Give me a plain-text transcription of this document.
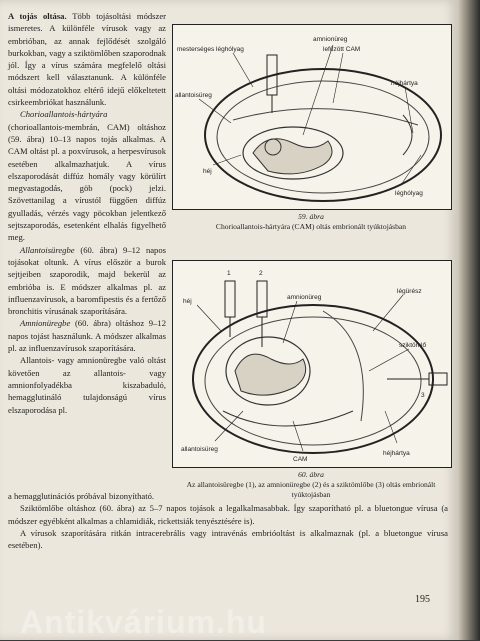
A tojás oltása. Több tojásoltási módszer ismeretes. A különféle vírusok vagy az embrióban, az annak fejlődését szolgáló burkokban, vagy a sziktömlőben szaporodnak jól. Így a vírus számára megfelelő oltási módszert kell választanunk. A különféle oltási módozatokhoz eltérő idejű előkeltetett csirkeembriókat használunk.

Chorioallantois-hártyára (chorioallantois-membrán, CAM) oltáshoz (59. ábra) 10–13 napos tojás alkalmas. A CAM oltást pl. a poxvírusok, a herpesvírusok esetében alkalmazhatjuk. A vírus elszaporodását diffúz homály vagy körülírt megvastagodás, göb (pock) jelzi. Szövettanilag a vírustól függően diffúz gyulladás, vérzés vagy pöcokban jelentkező sejtszaporodás, esetenként elhalás figyelhető meg.

Allantoisüregbe (60. ábra) 9–12 napos tojásokat oltunk. A vírus először a burok sejtjeiben szaporodik, majd bekerül az embrióba is. E módszer alkalmas pl. az influenzavírusok, a baromfipestis és a fertőző bronchitis vírusának szaporítására.

Amnionüregbe (60. ábra) oltáshoz 9–12 napos tojást használunk. A módszer alkalmas pl. az influenzavírusok szaporítására.

Allantois- vagy amnionüregbe való oltást követően az allantois- vagy amnionfolyadékba kiszabaduló, hemagglutináló tulajdonságú vírus elszaporodása pl.

amnionüreg
mesterséges léghólyag	lefűzött CAM
allantoisüreg
héjhártya
héj
léghólyag
59. ábra
Chorioallantois-hártyára (CAM) oltás embrionált tyúktojásban
1	2
3
héj
amnionüreg
légürész
sziktömlő
allantoisüreg
CAM
héjhártya
60. ábra
Az allantoisüregbe (1), az amnionüregbe (2) és a sziktömlőbe (3) oltás embrionált tyúktojásban

a hemagglutinációs próbával bizonyítható.

Sziktömlőbe oltáshoz (60. ábra) az 5–7 napos tojások a legalkalmasabbak. Így szaporítható pl. a bluetongue vírusa (a módszer egyébként alkalmas a chlamidiák, rickettsiák tenyésztésére is).

A vírusok szaporítására ritkán intracerebrális vagy intravénás embrióoltást is alkalmaznak (pl. a bluetongue vírusa esetében).

195
Antikvárium.hu
